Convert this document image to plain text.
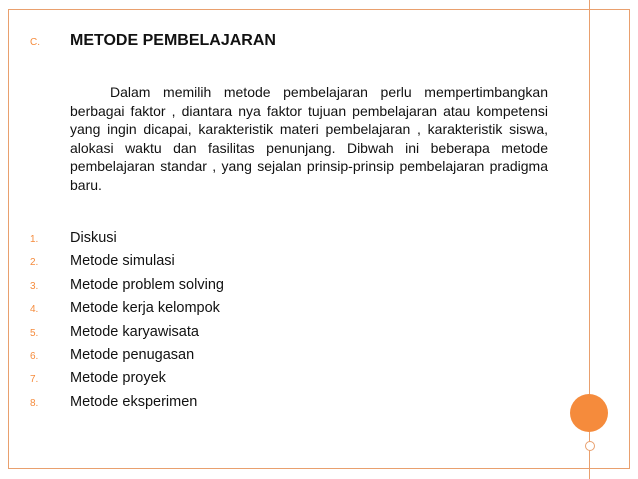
C. METODE PEMBELAJARAN

Dalam memilih metode pembelajaran perlu mempertimbangkan berbagai faktor , diantara nya faktor tujuan pembelajaran atau kompetensi yang ingin dicapai, karakteristik materi pembelajaran , karakteristik siswa, alokasi waktu dan fasilitas penunjang. Dibwah ini beberapa metode pembelajaran standar , yang sejalan prinsip-prinsip pembelajaran pradigma baru.

1. Diskusi
2. Metode simulasi
3. Metode problem solving
4. Metode kerja kelompok
5. Metode karyawisata
6. Metode penugasan
7. Metode proyek
8. Metode eksperimen
